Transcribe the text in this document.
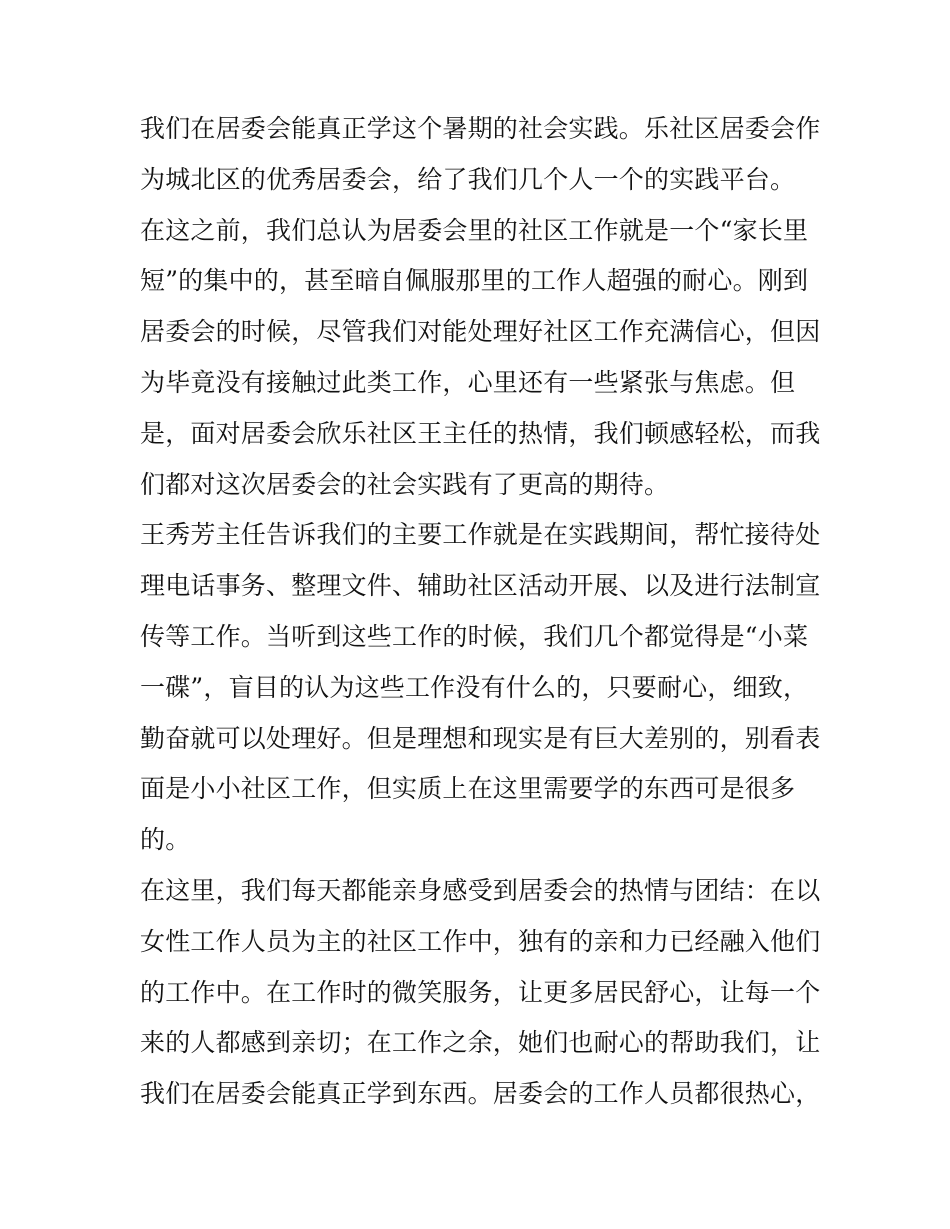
我们在居委会能真正学这个暑期的社会实践。乐社区居委会作
为城北区的优秀居委会，给了我们几个人一个的实践平台。
在这之前，我们总认为居委会里的社区工作就是一个“家长里
短”的集中的，甚至暗自佩服那里的工作人超强的耐心。刚到
居委会的时候，尽管我们对能处理好社区工作充满信心，但因
为毕竟没有接触过此类工作，心里还有一些紧张与焦虑。但
是，面对居委会欣乐社区王主任的热情，我们顿感轻松，而我
们都对这次居委会的社会实践有了更高的期待。
王秀芳主任告诉我们的主要工作就是在实践期间，帮忙接待处
理电话事务、整理文件、辅助社区活动开展、以及进行法制宣
传等工作。当听到这些工作的时候，我们几个都觉得是“小菜
一碟”，盲目的认为这些工作没有什么的，只要耐心，细致，
勤奋就可以处理好。但是理想和现实是有巨大差别的，别看表
面是小小社区工作，但实质上在这里需要学的东西可是很多
的。
在这里，我们每天都能亲身感受到居委会的热情与团结：在以
女性工作人员为主的社区工作中，独有的亲和力已经融入他们
的工作中。在工作时的微笑服务，让更多居民舒心，让每一个
来的人都感到亲切；在工作之余，她们也耐心的帮助我们，让
我们在居委会能真正学到东西。居委会的工作人员都很热心，
